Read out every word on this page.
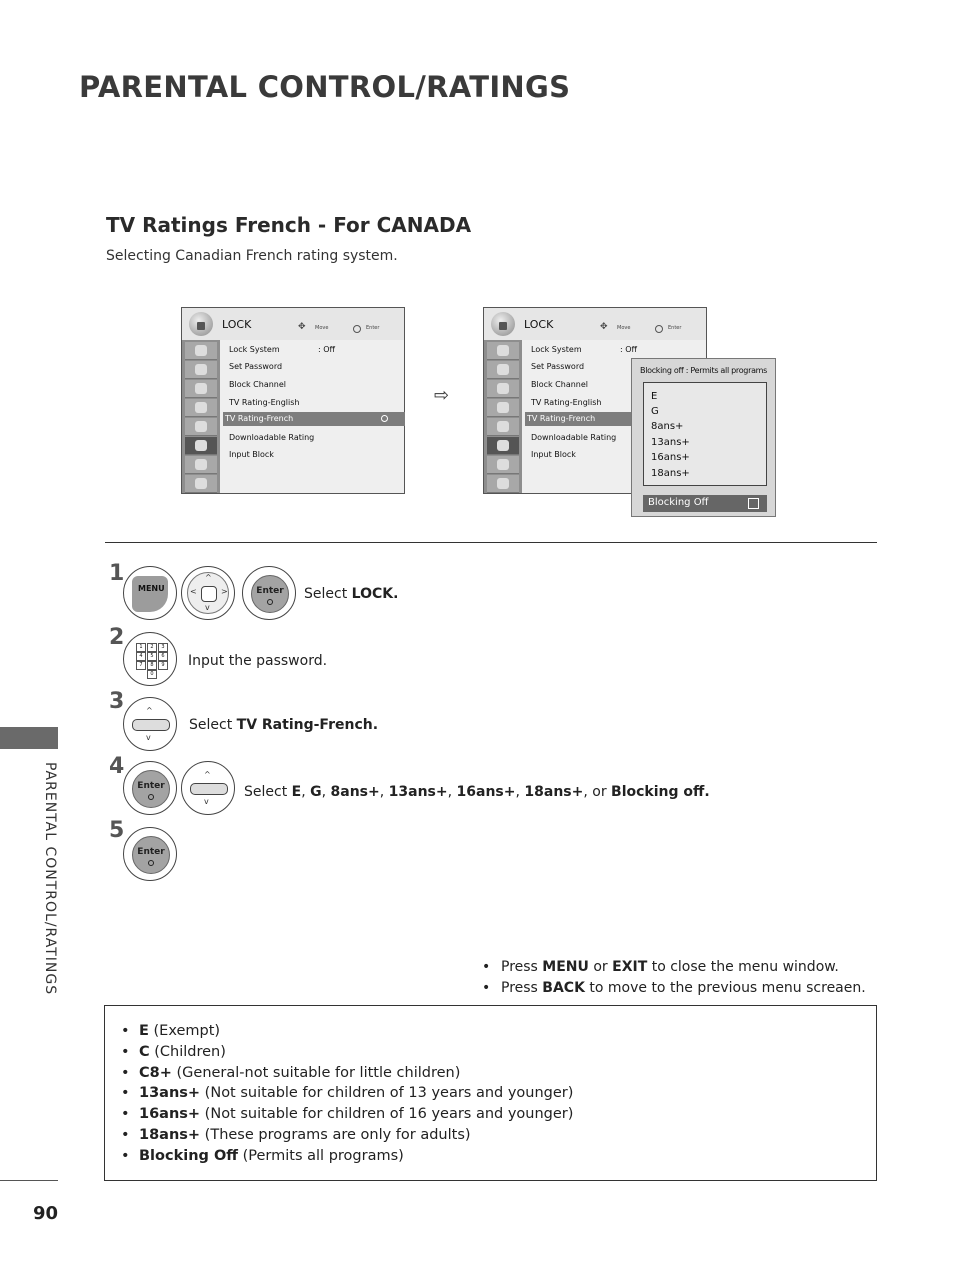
PARENTAL CONTROL/RATINGS
TV Ratings French - For CANADA
Selecting Canadian French rating system.
PARENTAL CONTROL/RATINGS
90
LOCK	✥ Move	Enter
Lock System	: Off
Set Password
Block Channel
TV Rating-English
TV Rating-French
Downloadable Rating
Input Block
⇨
LOCK	✥ Move	Enter
Lock System	: Off
Set Password
Block Channel
TV Rating-English
TV Rating-French
Downloadable Rating
Input Block
Blocking off : Permits all programs
E
G
8ans+
13ans+
16ans+
18ans+
Blocking Off
1
MENU
^
v
<	>	Enter	Select LOCK.
2	1	2	3
4	5	6
7	8	9
0
Input the password.
3	^
v
Select TV Rating-French.
4
Enter
^
v
Select E, G, 8ans+, 13ans+, 16ans+, 18ans+, or Blocking off.
5
Enter
• Press MENU or EXIT to close the menu window.
• Press BACK to move to the previous menu screaen.
• E (Exempt)
• C (Children)
• C8+ (General-not suitable for little children)
• 13ans+ (Not suitable for children of 13 years and younger)
• 16ans+ (Not suitable for children of 16 years and younger)
• 18ans+ (These programs are only for adults)
• Blocking Off (Permits all programs)
